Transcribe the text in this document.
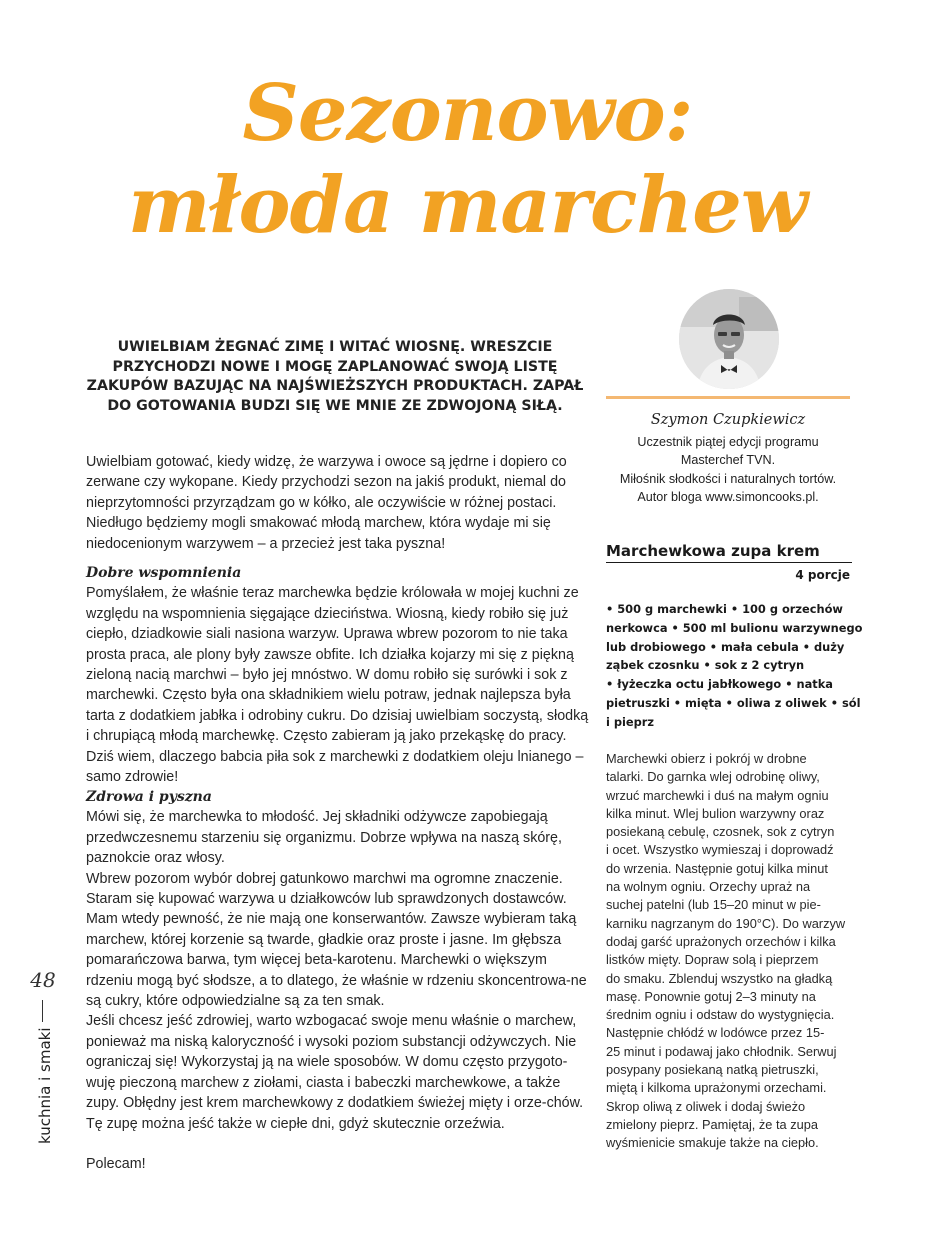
Sezonowo:
młoda marchew

UWIELBIAM ŻEGNAĆ ZIMĘ I WITAĆ WIOSNĘ. WRESZCIE PRZYCHODZI NOWE I MOGĘ ZAPLANOWAĆ SWOJĄ LISTĘ ZAKUPÓW BAZUJĄC NA NAJŚWIEŻSZYCH PRODUKTACH. ZAPAŁ DO GOTOWANIA BUDZI SIĘ WE MNIE ZE ZDWOJONĄ SIŁĄ.

Uwielbiam gotować, kiedy widzę, że warzywa i owoce są jędrne i dopiero co zerwane czy wykopane. Kiedy przychodzi sezon na jakiś produkt, niemal do nieprzytomności przyrządzam go w kółko, ale oczywiście w różnej postaci. Niedługo będziemy mogli smakować młodą marchew, która wydaje mi się niedocenionym warzywem – a przecież jest taka pyszna!

Dobre wspomnienia

Pomyślałem, że właśnie teraz marchewka będzie królowała w mojej kuchni ze względu na wspomnienia sięgające dzieciństwa. Wiosną, kiedy robiło się już ciepło, dziadkowie siali nasiona warzyw. Uprawa wbrew pozorom to nie taka prosta praca, ale plony były zawsze obfite. Ich działka kojarzy mi się z piękną zieloną nacią marchwi – było jej mnóstwo. W domu robiło się surówki i sok z marchewki. Często była ona składnikiem wielu potraw, jednak najlepsza była tarta z dodatkiem jabłka i odrobiny cukru. Do dzisiaj uwielbiam soczystą, słodką i chrupiącą młodą marchewkę. Często zabieram ją jako przekąskę do pracy. Dziś wiem, dlaczego babcia piła sok z marchewki z dodatkiem oleju lnianego – samo zdrowie!

Zdrowa i pyszna

Mówi się, że marchewka to młodość. Jej składniki odżywcze zapobiegają przedwczesnemu starzeniu się organizmu. Dobrze wpływa na naszą skórę, paznokcie oraz włosy.

Wbrew pozorom wybór dobrej gatunkowo marchwi ma ogromne znaczenie. Staram się kupować warzywa u działkowców lub sprawdzonych dostawców. Mam wtedy pewność, że nie mają one konserwantów. Zawsze wybieram taką marchew, której korzenie są twarde, gładkie oraz proste i jasne. Im głębsza pomarańczowa barwa, tym więcej beta-karotenu. Marchewki o większym rdzeniu mogą być słodsze, a to dlatego, że właśnie w rdzeniu skoncentrowa-ne są cukry, które odpowiedzialne są za ten smak.

Jeśli chcesz jeść zdrowiej, warto wzbogacać swoje menu właśnie o marchew, ponieważ ma niską kaloryczność i wysoki poziom substancji odżywczych. Nie ograniczaj się! Wykorzystaj ją na wiele sposobów. W domu często przygoto-wuję pieczoną marchew z ziołami, ciasta i babeczki marchewkowe, a także zupy. Obłędny jest krem marchewkowy z dodatkiem świeżej mięty i orze-chów. Tę zupę można jeść także w ciepłe dni, gdyż skutecznie orzeźwia.

Polecam!

48
kuchnia i smaki
Szymon Czupkiewicz
Uczestnik piątej edycji programu
Masterchef TVN.
Miłośnik słodkości i naturalnych tortów.
Autor bloga www.simoncooks.pl.
Marchewkowa zupa krem
4 porcje
• 500 g marchewki • 100 g orzechów
nerkowca • 500 ml bulionu warzywnego
lub drobiowego • mała cebula • duży
ząbek czosnku • sok z 2 cytryn
• łyżeczka octu jabłkowego • natka
pietruszki • mięta • oliwa z oliwek • sól
i pieprz
Marchewki obierz i pokrój w drobne
talarki. Do garnka wlej odrobinę oliwy,
wrzuć marchewki i duś na małym ogniu
kilka minut. Wlej bulion warzywny oraz
posiekaną cebulę, czosnek, sok z cytryn
i ocet. Wszystko wymieszaj i doprowadź
do wrzenia. Następnie gotuj kilka minut
na wolnym ogniu. Orzechy upraż na
suchej patelni (lub 15–20 minut w pie-
karniku nagrzanym do 190°C). Do warzyw
dodaj garść uprażonych orzechów i kilka
listków mięty. Dopraw solą i pieprzem
do smaku. Zblenduj wszystko na gładką
masę. Ponownie gotuj 2–3 minuty na
średnim ogniu i odstaw do wystygnięcia.
Następnie chłódź w lodówce przez 15-
25 minut i podawaj jako chłodnik. Serwuj
posypany posiekaną natką pietruszki,
miętą i kilkoma uprażonymi orzechami.
Skrop oliwą z oliwek i dodaj świeżo
zmielony pieprz. Pamiętaj, że ta zupa
wyśmienicie smakuje także na ciepło.
